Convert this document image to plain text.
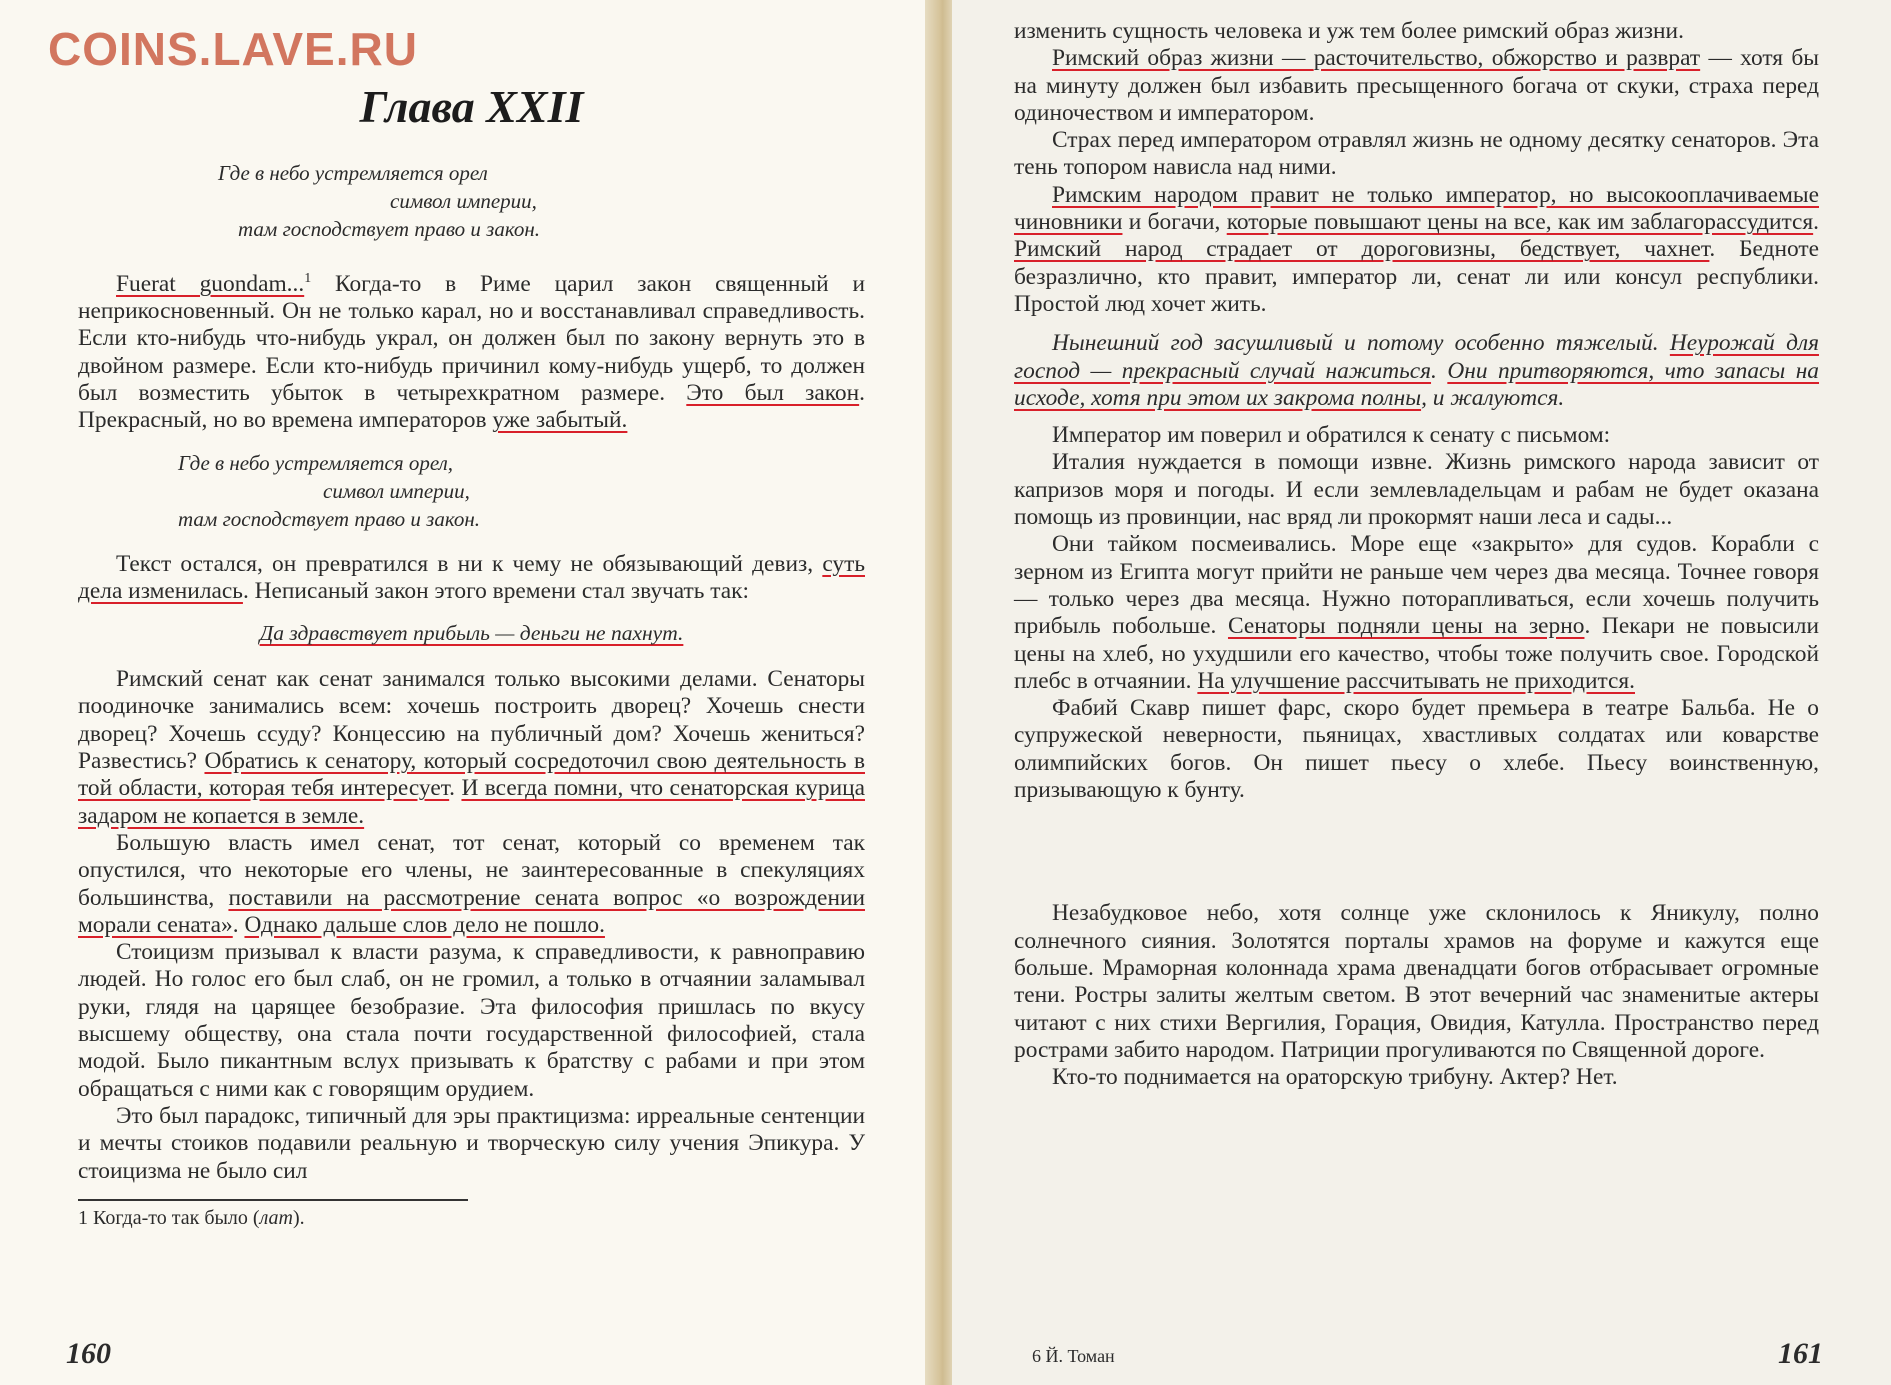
COINS.LAVE.RU
Глава XXII
Где в небо устремляется орел
символ империи,
там господствует право и закон.

Fuerat guondam...$^1$ Когда-то в Риме царил закон священный и неприкосновенный. Он не только карал, но и восстанавливал справедливость. Если кто-нибудь что-нибудь украл, он должен был по закону вернуть это в двойном размере. Если кто-нибудь причинил кому-нибудь ущерб, то должен был возместить убыток в четырехкратном размере. Это был закон. Прекрасный, но во времена императоров уже забытый.

Где в небо устремляется орел,
символ империи,
там господствует право и закон.

Текст остался, он превратился в ни к чему не обязывающий девиз, суть дела изменилась. Неписаный закон этого времени стал звучать так:

Да здравствует прибыль — деньги не пахнут.

Римский сенат как сенат занимался только высокими делами. Сенаторы поодиночке занимались всем: хочешь построить дворец? Хочешь снести дворец? Хочешь ссуду? Концессию на публичный дом? Хочешь жениться? Развестись? Обратись к сенатору, который сосредоточил свою деятельность в той области, которая тебя интересует. И всегда помни, что сенаторская курица задаром не копается в земле.

Большую власть имел сенат, тот сенат, который со временем так опустился, что некоторые его члены, не заинтересованные в спекуляциях большинства, поставили на рассмотрение сената вопрос «о возрождении морали сената». Однако дальше слов дело не пошло.

Стоицизм призывал к власти разума, к справедливости, к равноправию людей. Но голос его был слаб, он не громил, а только в отчаянии заламывал руки, глядя на царящее безобразие. Эта философия пришлась по вкусу высшему обществу, она стала почти государственной философией, стала модой. Было пикантным вслух призывать к братству с рабами и при этом обращаться с ними как с говорящим орудием.

Это был парадокс, типичный для эры практицизма: ирреальные сентенции и мечты стоиков подавили реальную и творческую силу учения Эпикура. У стоицизма не было сил

1 Когда-то так было (лат).
160

изменить сущность человека и уж тем более римский образ жизни.

Римский образ жизни — расточительство, обжорство и разврат — хотя бы на минуту должен был избавить пресыщенного богача от скуки, страха перед одиночеством и императором.

Страх перед императором отравлял жизнь не одному десятку сенаторов. Эта тень топором нависла над ними.

Римским народом правит не только император, но высокооплачиваемые чиновники и богачи, которые повышают цены на все, как им заблагорассудится. Римский народ страдает от дороговизны, бедствует, чахнет. Бедноте безразлично, кто правит, император ли, сенат ли или консул республики. Простой люд хочет жить.

Нынешний год засушливый и потому особенно тяжелый. Неурожай для господ — прекрасный случай нажиться. Они притворяются, что запасы на исходе, хотя при этом их закрома полны, и жалуются.

Император им поверил и обратился к сенату с письмом:

Италия нуждается в помощи извне. Жизнь римского народа зависит от капризов моря и погоды. И если землевладельцам и рабам не будет оказана помощь из провинции, нас вряд ли прокормят наши леса и сады...

Они тайком посмеивались. Море еще «закрыто» для судов. Корабли с зерном из Египта могут прийти не раньше чем через два месяца. Точнее говоря — только через два месяца. Нужно поторапливаться, если хочешь получить прибыль побольше. Сенаторы подняли цены на зерно. Пекари не повысили цены на хлеб, но ухудшили его качество, чтобы тоже получить свое. Городской плебс в отчаянии. На улучшение рассчитывать не приходится.

Фабий Скавр пишет фарс, скоро будет премьера в театре Бальба. Не о супружеской неверности, пьяницах, хвастливых солдатах или коварстве олимпийских богов. Он пишет пьесу о хлебе. Пьесу воинственную, призывающую к бунту.

Незабудковое небо, хотя солнце уже склонилось к Яникулу, полно солнечного сияния. Золотятся порталы храмов на форуме и кажутся еще больше. Мраморная колоннада храма двенадцати богов отбрасывает огромные тени. Ростры залиты желтым светом. В этот вечерний час знаменитые актеры читают с них стихи Вергилия, Горация, Овидия, Катулла. Пространство перед рострами забито народом. Патриции прогуливаются по Священной дороге.

Кто-то поднимается на ораторскую трибуну. Актер? Нет.

6 Й. Томан	161
